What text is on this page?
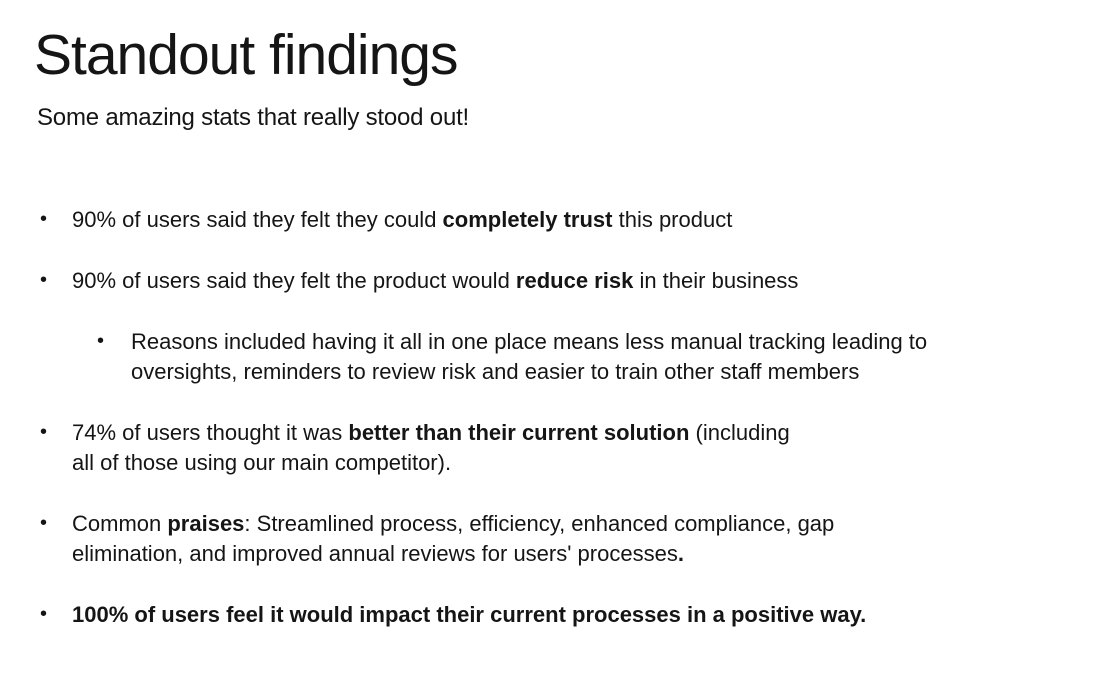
Standout findings

Some amazing stats that really stood out!

• 90% of users said they felt they could completely trust this product
• 90% of users said they felt the product would reduce risk in their business
• Reasons included having it all in one place means less manual tracking leading to
oversights, reminders to review risk and easier to train other staff members
• 74% of users thought it was better than their current solution (including
all of those using our main competitor).
• Common praises: Streamlined process, efficiency, enhanced compliance, gap
elimination, and improved annual reviews for users' processes.
• 100% of users feel it would impact their current processes in a positive way.
